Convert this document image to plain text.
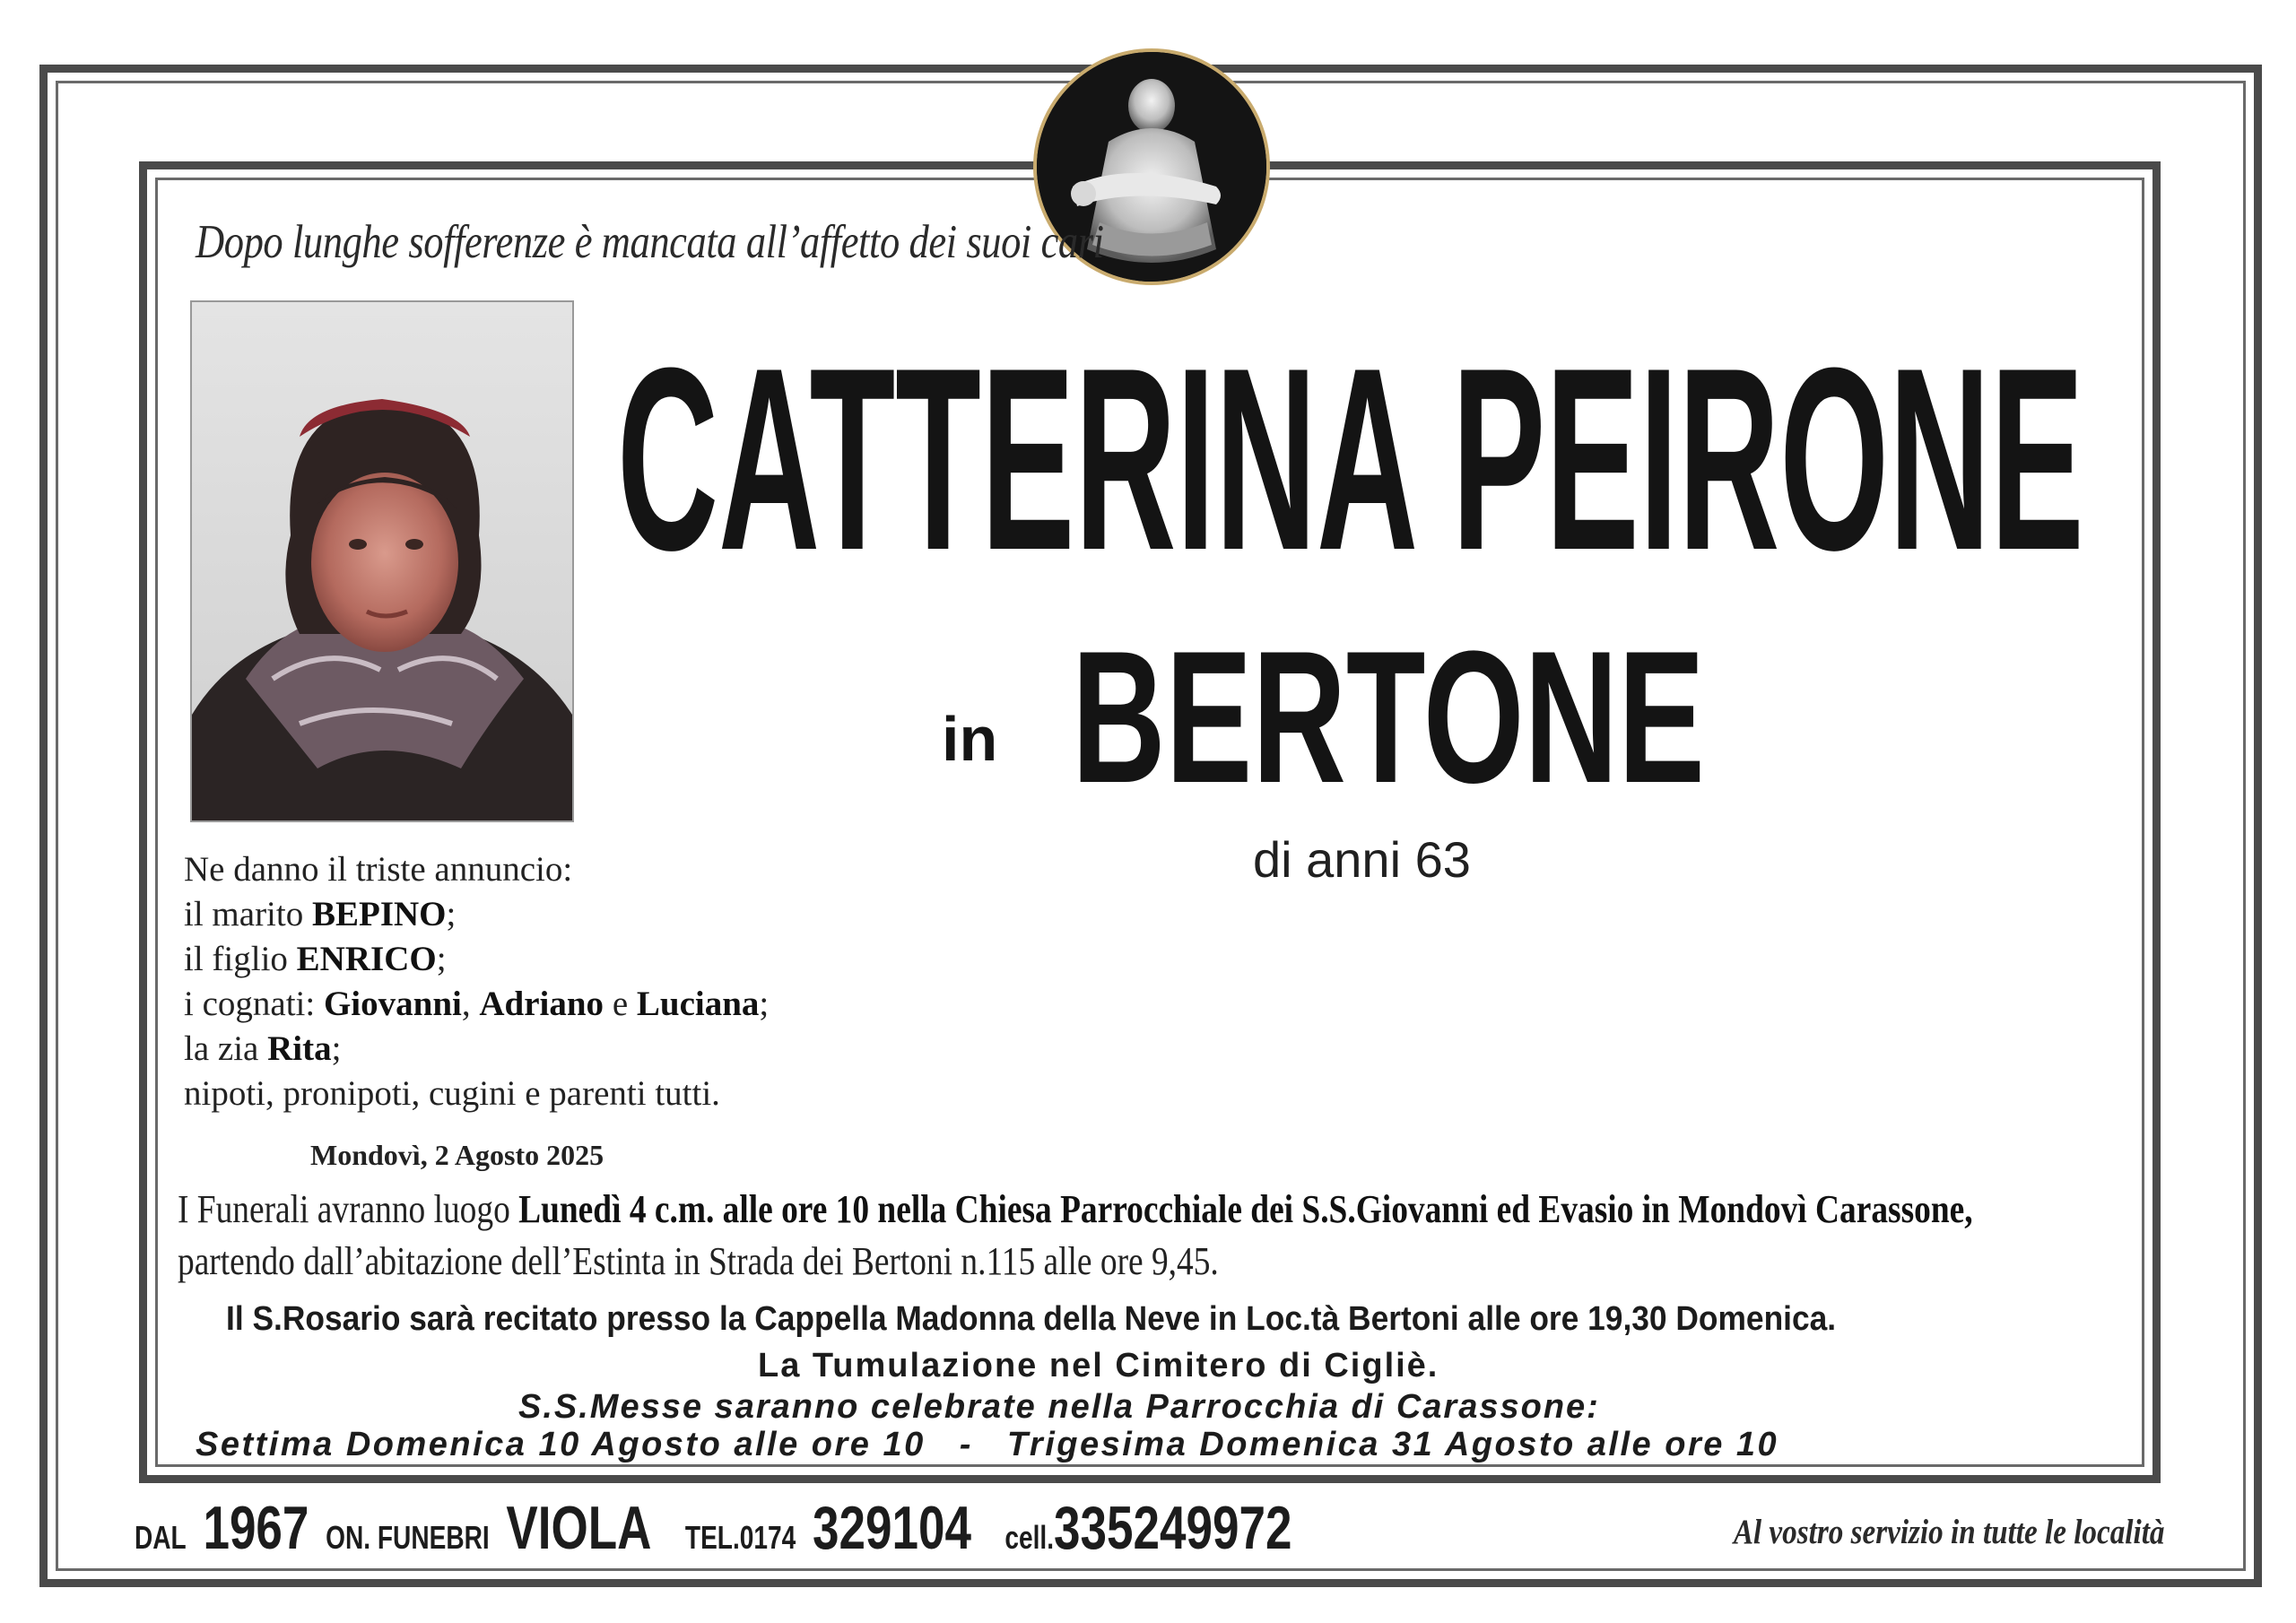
Dopo lunghe sofferenze è mancata all’affetto dei suoi cari
CATTERINA PEIRONE
in BERTONE
di anni 63
Ne danno il triste annuncio:
il marito BEPINO;
il figlio ENRICO;
i cognati: Giovanni, Adriano e Luciana;
la zia Rita;
nipoti, pronipoti, cugini e parenti tutti.
Mondovì, 2 Agosto 2025
I Funerali avranno luogo Lunedì 4 c.m. alle ore 10 nella Chiesa Parrocchiale dei S.S.Giovanni ed Evasio in Mondovì Carassone,
partendo dall’abitazione dell’Estinta in Strada dei Bertoni n.115 alle ore 9,45.
Il S.Rosario sarà recitato presso la Cappella Madonna della Neve in Loc.tà Bertoni alle ore 19,30 Domenica.
La Tumulazione nel Cimitero di Cigliè.
S.S.Messe saranno celebrate nella Parrocchia di Carassone:
Settima Domenica 10 Agosto alle ore 10 - Trigesima Domenica 31 Agosto alle ore 10
DAL 1967 ON. FUNEBRI VIOLA TEL.0174 329104 cell.335249972	Al vostro servizio in tutte le località
